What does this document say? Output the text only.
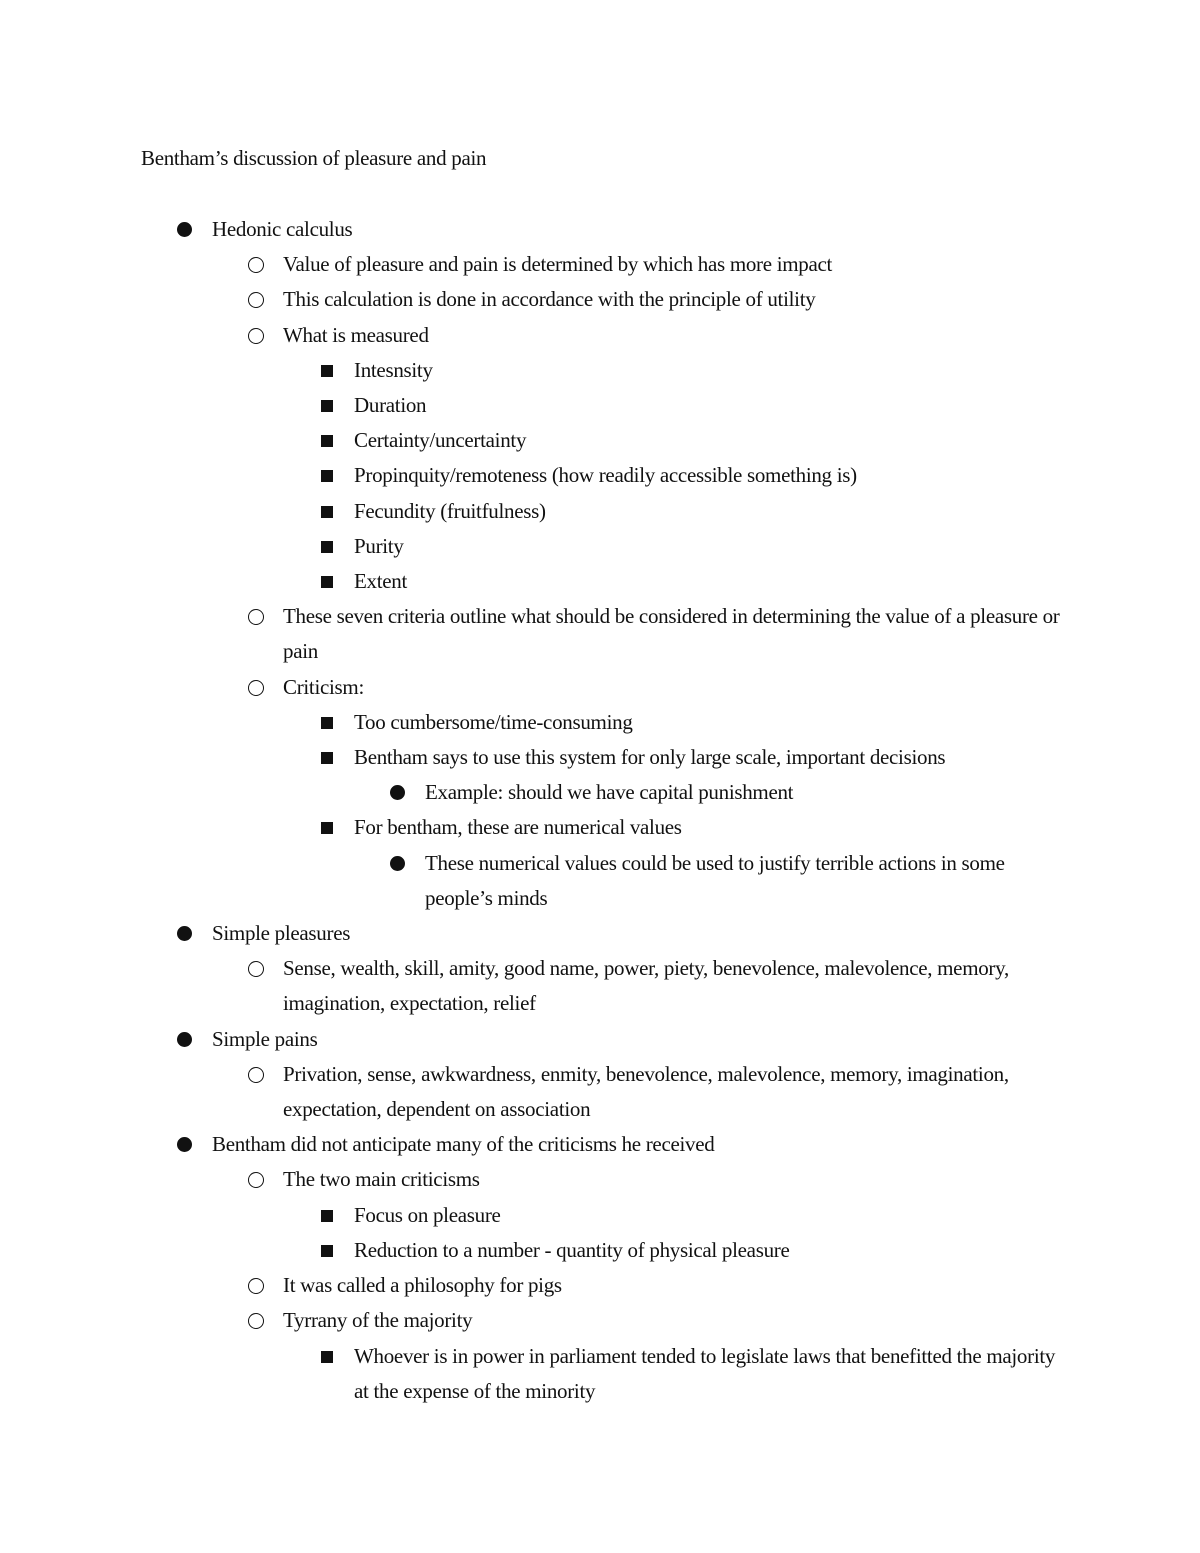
Bentham’s discussion of pleasure and pain
Hedonic calculus
Value of pleasure and pain is determined by which has more impact
This calculation is done in accordance with the principle of utility
What is measured
Intesnsity
Duration
Certainty/uncertainty
Propinquity/remoteness (how readily accessible something is)
Fecundity (fruitfulness)
Purity
Extent
These seven criteria outline what should be considered in determining the value of a pleasure or pain
Criticism:
Too cumbersome/time-consuming
Bentham says to use this system for only large scale, important decisions
Example: should we have capital punishment
For bentham, these are numerical values
These numerical values could be used to justify terrible actions in some people’s minds
Simple pleasures
Sense, wealth, skill, amity, good name, power, piety, benevolence, malevolence, memory, imagination, expectation, relief
Simple pains
Privation, sense, awkwardness, enmity, benevolence, malevolence, memory, imagination, expectation, dependent on association
Bentham did not anticipate many of the criticisms he received
The two main criticisms
Focus on pleasure
Reduction to a number - quantity of physical pleasure
It was called a philosophy for pigs
Tyrrany of the majority
Whoever is in power in parliament tended to legislate laws that benefitted the majority at the expense of the minority
